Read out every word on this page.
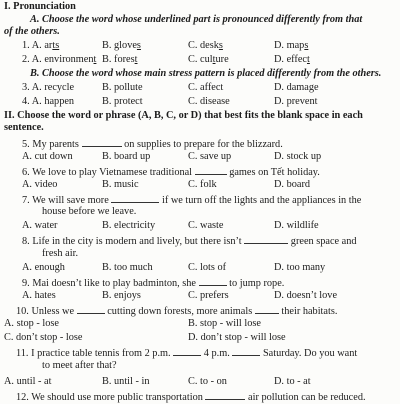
I. Pronunciation
A. Choose the word whose underlined part is pronounced differently from that
of the others.
1. A. arts	B. gloves	C. desks	D. maps
2. A. environment B. forest	C. culture	D. effect
B. Choose the word whose main stress pattern is placed differently from the others.
3. A. recycle	B. pollute	C. affect	D. damage
4. A. happen	B. protect	C. disease	D. prevent
II. Choose the word or phrase (A, B, C, or D) that best fits the blank space in each
sentence.
5. My parents	on supplies to prepare for the blizzard.
A. cut down	B. board up	C. save up	D. stock up
6. We love to play Vietnamese traditional	games on Tết holiday.
A. video	B. music	C. folk	D. board
7. We will save more	if we turn off the lights and the appliances in the
house before we leave.
A. water	B. electricity	C. waste	D. wildlife
8. Life in the city is modern and lively, but there isn’t	green space and
fresh air.
A. enough	B. too much	C. lots of	D. too many
9. Mai doesn’t like to play badminton, she	to jump rope.
A. hates	B. enjoys	C. prefers	D. doesn’t love
10. Unless we	cutting down forests, more animals	their habitats.
A. stop - lose	B. stop - will lose
C. don’t stop - lose	D. don’t stop - will lose
11. I practice table tennis from 2 p.m.	4 p.m.	Saturday. Do you want
to meet after that?
A. until - at	B. until - in	C. to - on	D. to - at
12. We should use more public transportation	air pollution can be reduced.
